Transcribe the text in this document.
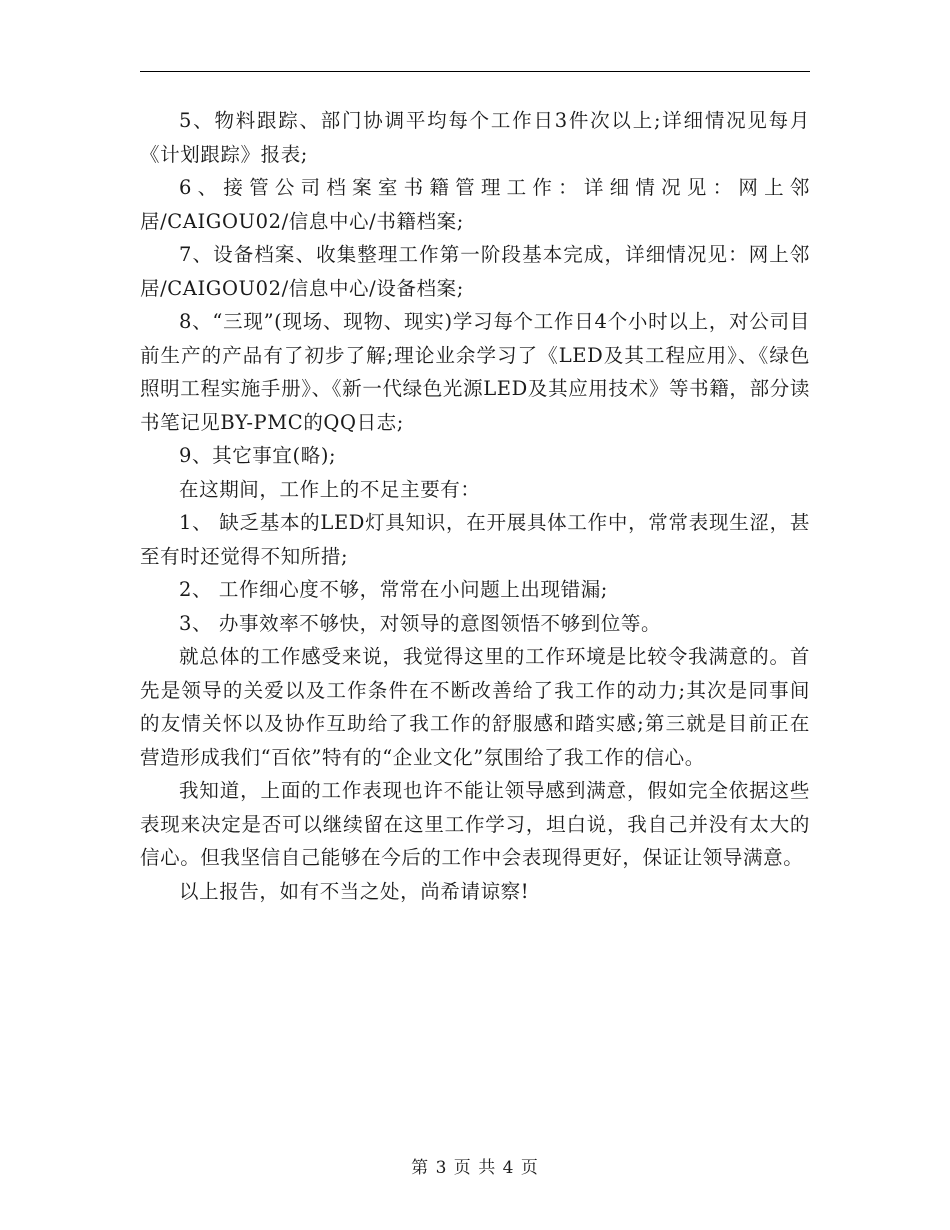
5、物料跟踪、部门协调平均每个工作日3件次以上;详细情况见每月《计划跟踪》报表;

6、接管公司档案室书籍管理工作：详细情况见：网上邻居/CAIGOU02/信息中心/书籍档案;

7、设备档案、收集整理工作第一阶段基本完成，详细情况见：网上邻居/CAIGOU02/信息中心/设备档案;

8、“三现”(现场、现物、现实)学习每个工作日4个小时以上，对公司目前生产的产品有了初步了解;理论业余学习了《LED及其工程应用》、《绿色照明工程实施手册》、《新一代绿色光源LED及其应用技术》等书籍，部分读书笔记见BY-PMC的QQ日志;

9、其它事宜(略);

在这期间，工作上的不足主要有：

1、 缺乏基本的LED灯具知识，在开展具体工作中，常常表现生涩，甚至有时还觉得不知所措;

2、 工作细心度不够，常常在小问题上出现错漏;

3、 办事效率不够快，对领导的意图领悟不够到位等。

就总体的工作感受来说，我觉得这里的工作环境是比较令我满意的。首先是领导的关爱以及工作条件在不断改善给了我工作的动力;其次是同事间的友情关怀以及协作互助给了我工作的舒服感和踏实感;第三就是目前正在营造形成我们“百依”特有的“企业文化”氛围给了我工作的信心。

我知道，上面的工作表现也许不能让领导感到满意，假如完全依据这些表现来决定是否可以继续留在这里工作学习，坦白说，我自己并没有太大的信心。但我坚信自己能够在今后的工作中会表现得更好，保证让领导满意。

以上报告，如有不当之处，尚希请谅察!

第 3 页 共 4 页
